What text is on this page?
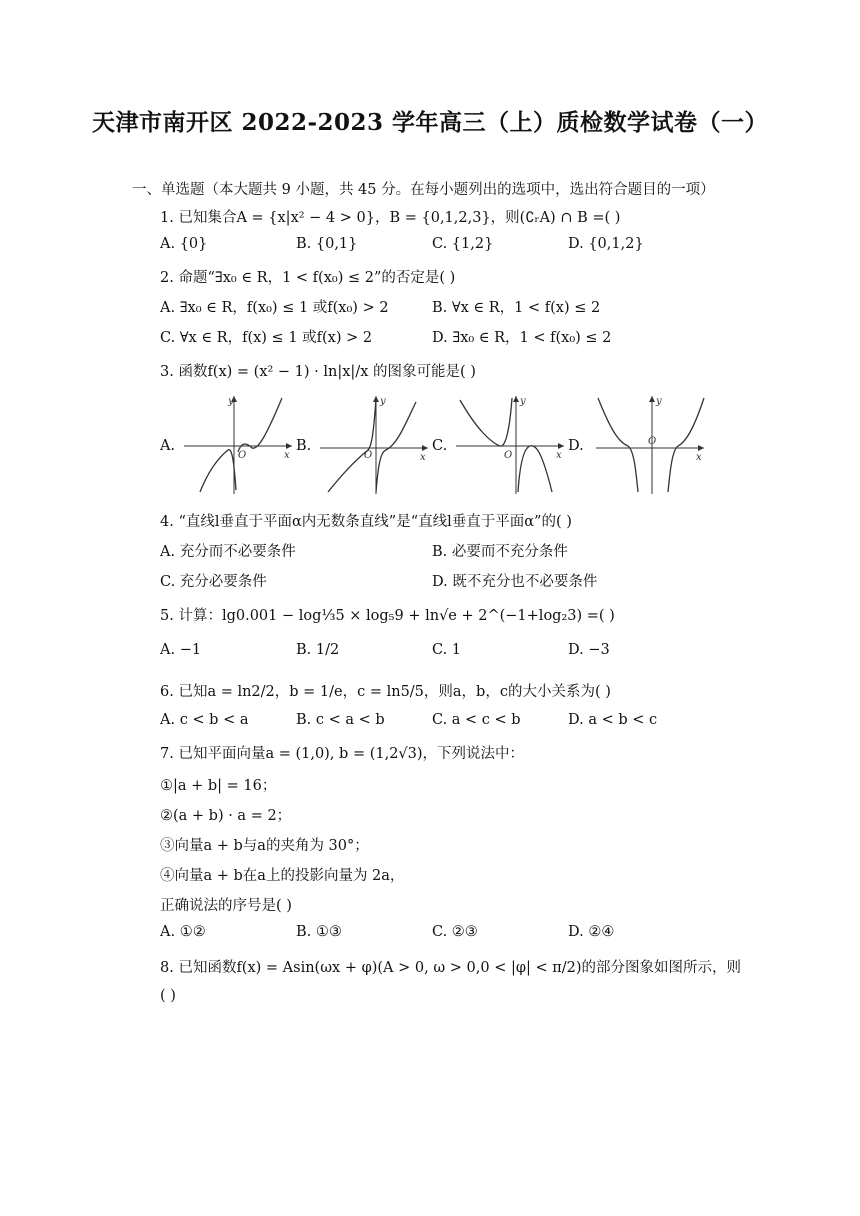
天津市南开区 2022-2023 学年高三（上）质检数学试卷（一）
一、单选题（本大题共 9 小题，共 45 分。在每小题列出的选项中，选出符合题目的一项）
1. 已知集合A = {x|x² − 4 > 0}，B = {0,1,2,3}，则(∁ᵣA) ∩ B =( )
A. {0}	B. {0,1}	C. {1,2}	D. {0,1,2}
2. 命题“∃x₀ ∈ R，1 < f(x₀) ≤ 2”的否定是( )
A. ∃x₀ ∈ R，f(x₀) ≤ 1 或f(x₀) > 2	B. ∀x ∈ R，1 < f(x) ≤ 2
C. ∀x ∈ R，f(x) ≤ 1 或f(x) > 2	D. ∃x₀ ∈ R，1 < f(x₀) ≤ 2
3. 函数f(x) = (x² − 1) · ln|x|/x 的图象可能是( )
A.
y
x
O
B.
y
x
O
C.
y
x
O
D.
y
x
O
4. “直线l垂直于平面α内无数条直线”是“直线l垂直于平面α”的( )
A. 充分而不必要条件	B. 必要而不充分条件
C. 充分必要条件	D. 既不充分也不必要条件
5. 计算：lg0.001 − log⅓5 × log₅9 + ln√e + 2^(−1+log₂3) =( )
A. −1	B. 1/2	C. 1	D. −3
6. 已知a = ln2/2，b = 1/e，c = ln5/5，则a，b，c的大小关系为( )
A. c < b < a	B. c < a < b	C. a < c < b	D. a < b < c
7. 已知平面向量a = (1,0), b = (1,2√3)，下列说法中：
①|a + b| = 16；
②(a + b) · a = 2；
③向量a + b与a的夹角为 30°；
④向量a + b在a上的投影向量为 2a，
正确说法的序号是( )
A. ①②	B. ①③	C. ②③	D. ②④
8. 已知函数f(x) = Asin(ωx + φ)(A > 0, ω > 0,0 < |φ| < π/2)的部分图象如图所示，则
( )
